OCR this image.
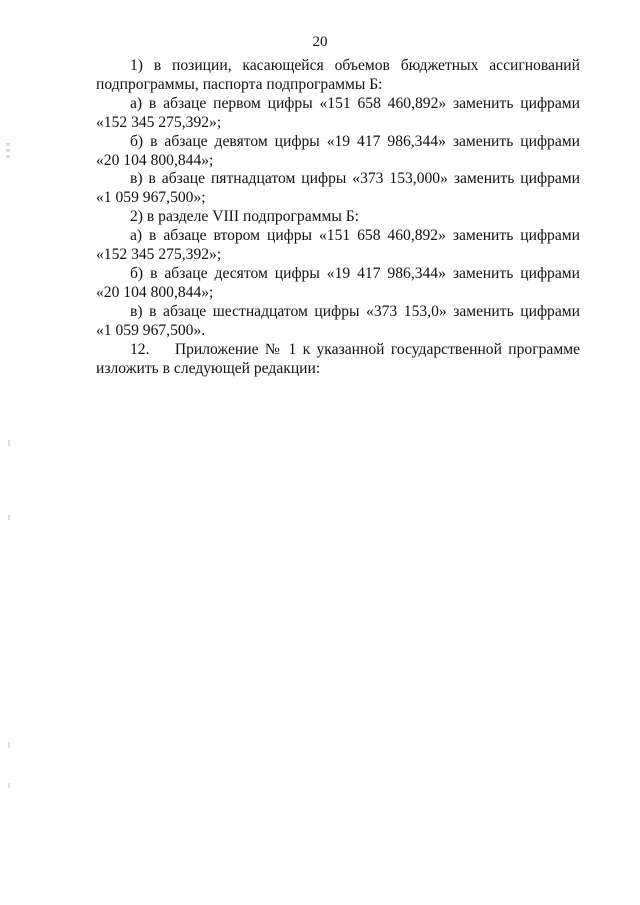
20

1) в позиции, касающейся объемов бюджетных ассигнований
подпрограммы, паспорта подпрограммы Б:

а) в абзаце первом цифры «151 658 460,892» заменить цифрами
«152 345 275,392»;

б) в абзаце девятом цифры «19 417 986,344» заменить цифрами
«20 104 800,844»;

в) в абзаце пятнадцатом цифры «373 153,000» заменить цифрами
«1 059 967,500»;

2) в разделе VIII подпрограммы Б:

а) в абзаце втором цифры «151 658 460,892» заменить цифрами
«152 345 275,392»;

б) в абзаце десятом цифры «19 417 986,344» заменить цифрами
«20 104 800,844»;

в) в абзаце шестнадцатом цифры «373 153,0» заменить цифрами
«1 059 967,500».

12.    Приложение № 1 к указанной государственной программе
изложить в следующей редакции:
